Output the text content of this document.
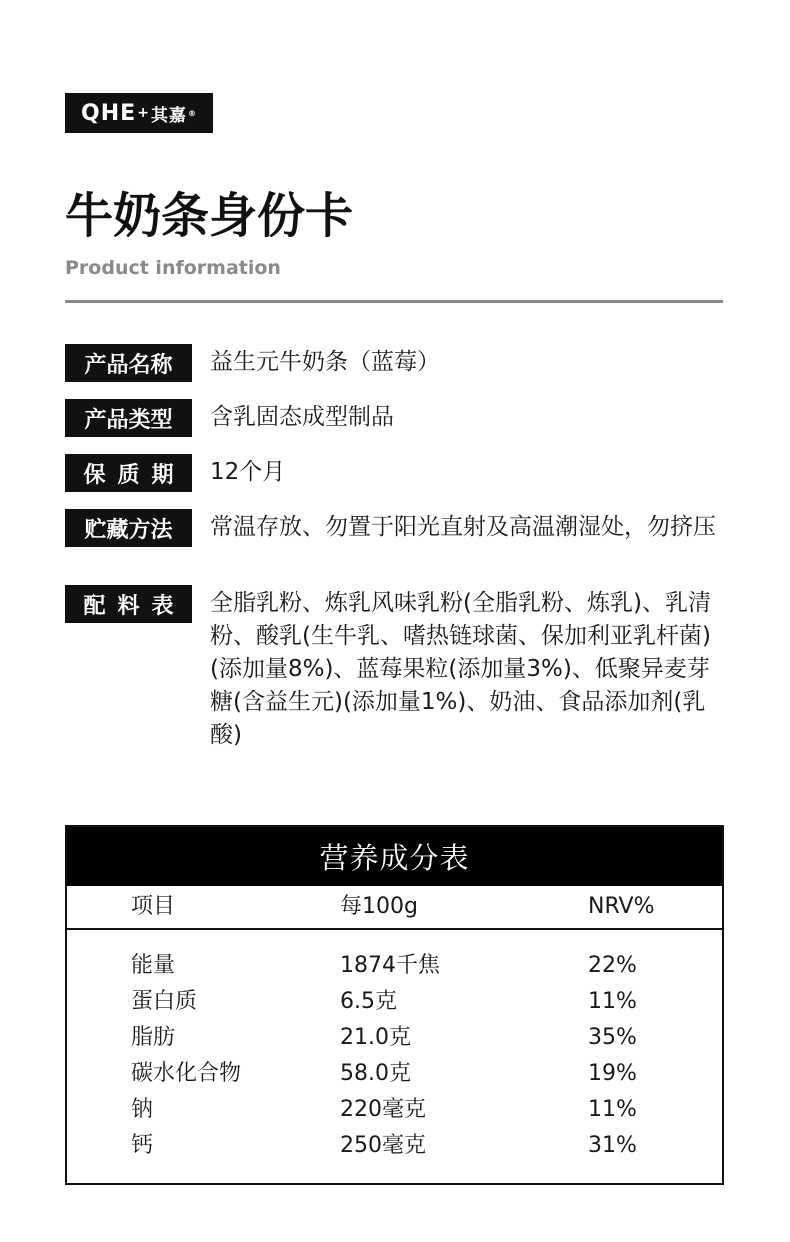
QHE + 其嘉 ®
牛奶条身份卡
Product information
产品名称	益生元牛奶条（蓝莓）
产品类型	含乳固态成型制品
保质期 12个月
贮藏方法	常温存放、勿置于阳光直射及高温潮湿处，勿挤压
配料表 全脂乳粉、炼乳风味乳粉(全脂乳粉、炼乳)、乳清粉、酸乳(生牛乳、嗜热链球菌、保加利亚乳杆菌)(添加量8%)、蓝莓果粒(添加量3%)、低聚异麦芽糖(含益生元)(添加量1%)、奶油、食品添加剂(乳酸)
营养成分表
项目	每100g	NRV%
能量	1874千焦	22%
蛋白质	6.5克	11%
脂肪	21.0克	35%
碳水化合物	58.0克	19%
钠	220毫克	11%
钙	250毫克	31%
